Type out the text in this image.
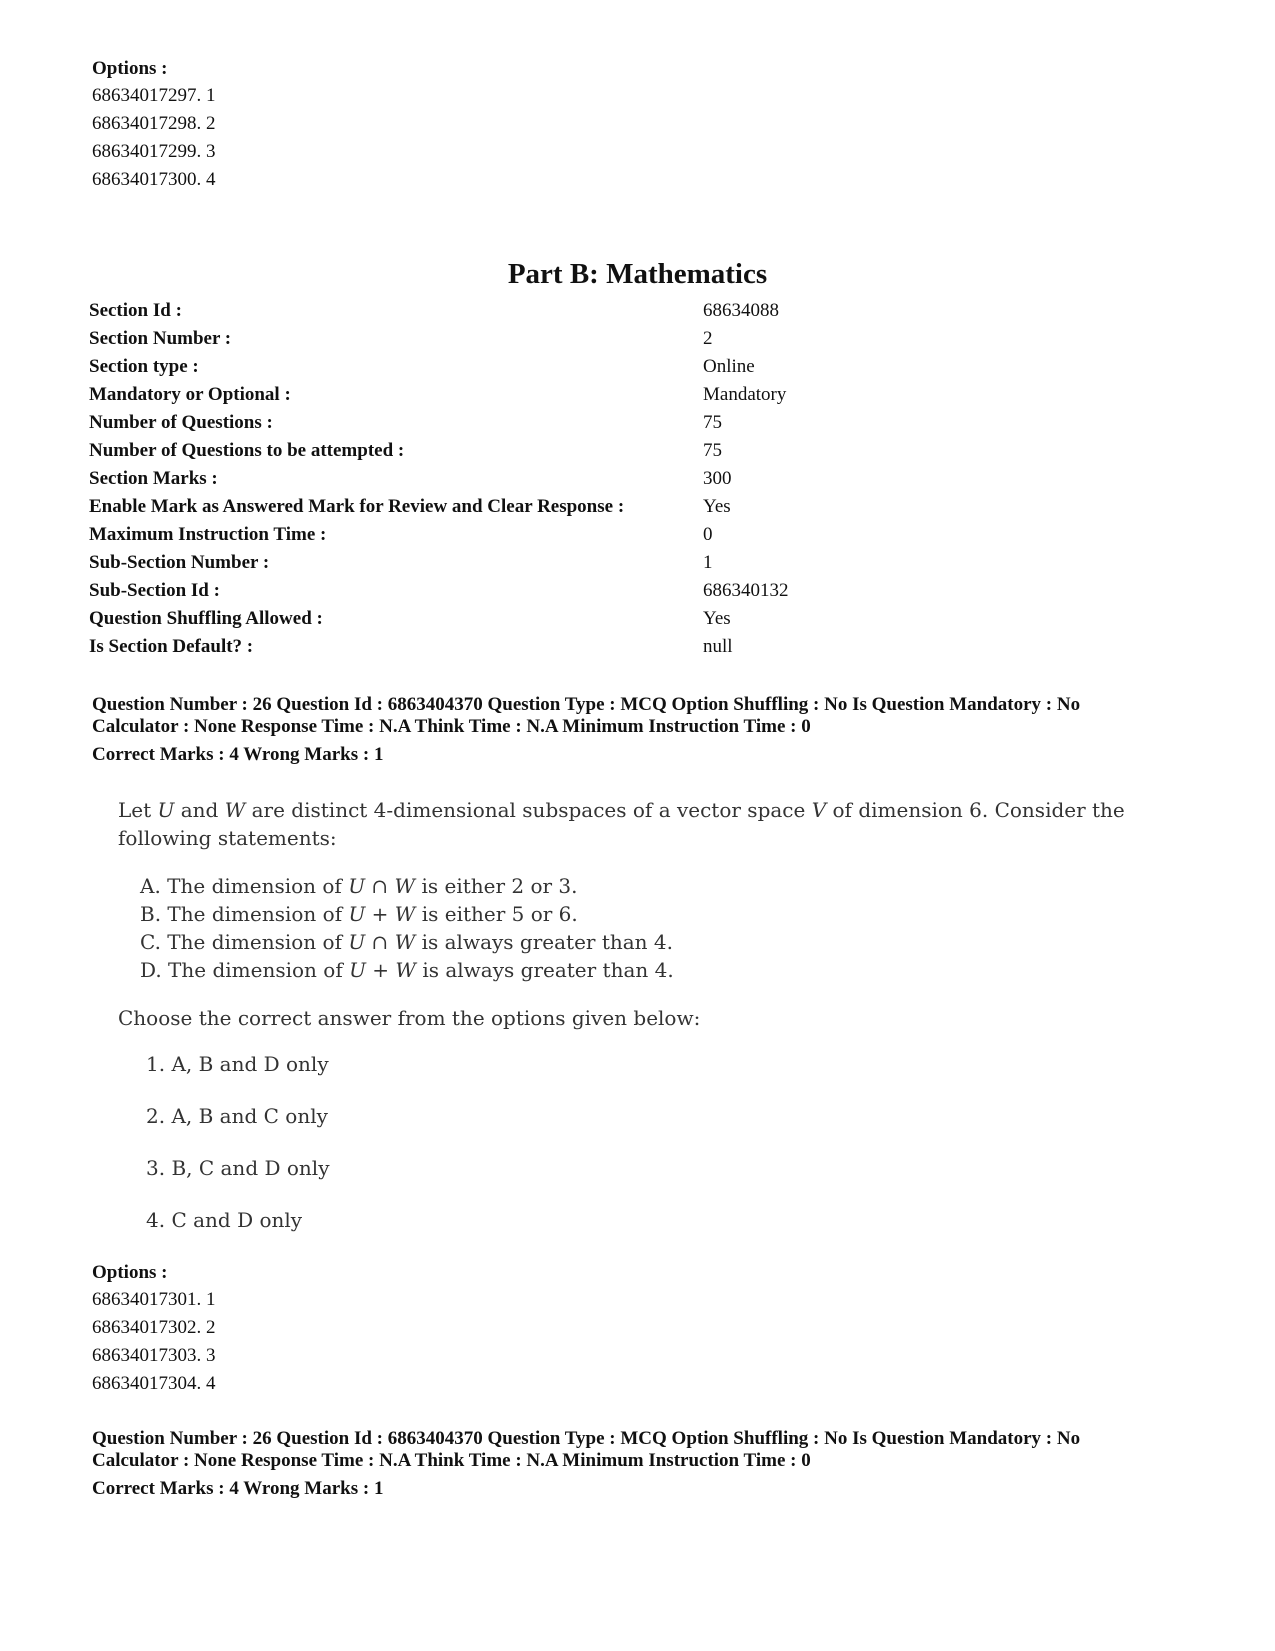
Options :
68634017297. 1
68634017298. 2
68634017299. 3
68634017300. 4
Part B: Mathematics
Section Id :	68634088
Section Number :	2
Section type :	Online
Mandatory or Optional :	Mandatory
Number of Questions :	75
Number of Questions to be attempted :	75
Section Marks :	300
Enable Mark as Answered Mark for Review and Clear Response :	Yes
Maximum Instruction Time :	0
Sub-Section Number :	1
Sub-Section Id :	686340132
Question Shuffling Allowed :	Yes
Is Section Default? :	null
Question Number : 26 Question Id : 6863404370 Question Type : MCQ Option Shuffling : No Is Question Mandatory : No
Calculator : None Response Time : N.A Think Time : N.A Minimum Instruction Time : 0
Correct Marks : 4 Wrong Marks : 1
Let U and W are distinct 4-dimensional subspaces of a vector space V of dimension 6. Consider the following statements:
A. The dimension of U ∩ W is either 2 or 3.
B. The dimension of U + W is either 5 or 6.
C. The dimension of U ∩ W is always greater than 4.
D. The dimension of U + W is always greater than 4.
Choose the correct answer from the options given below:
1. A, B and D only
2. A, B and C only
3. B, C and D only
4. C and D only
Options :
68634017301. 1
68634017302. 2
68634017303. 3
68634017304. 4
Question Number : 26 Question Id : 6863404370 Question Type : MCQ Option Shuffling : No Is Question Mandatory : No
Calculator : None Response Time : N.A Think Time : N.A Minimum Instruction Time : 0
Correct Marks : 4 Wrong Marks : 1
